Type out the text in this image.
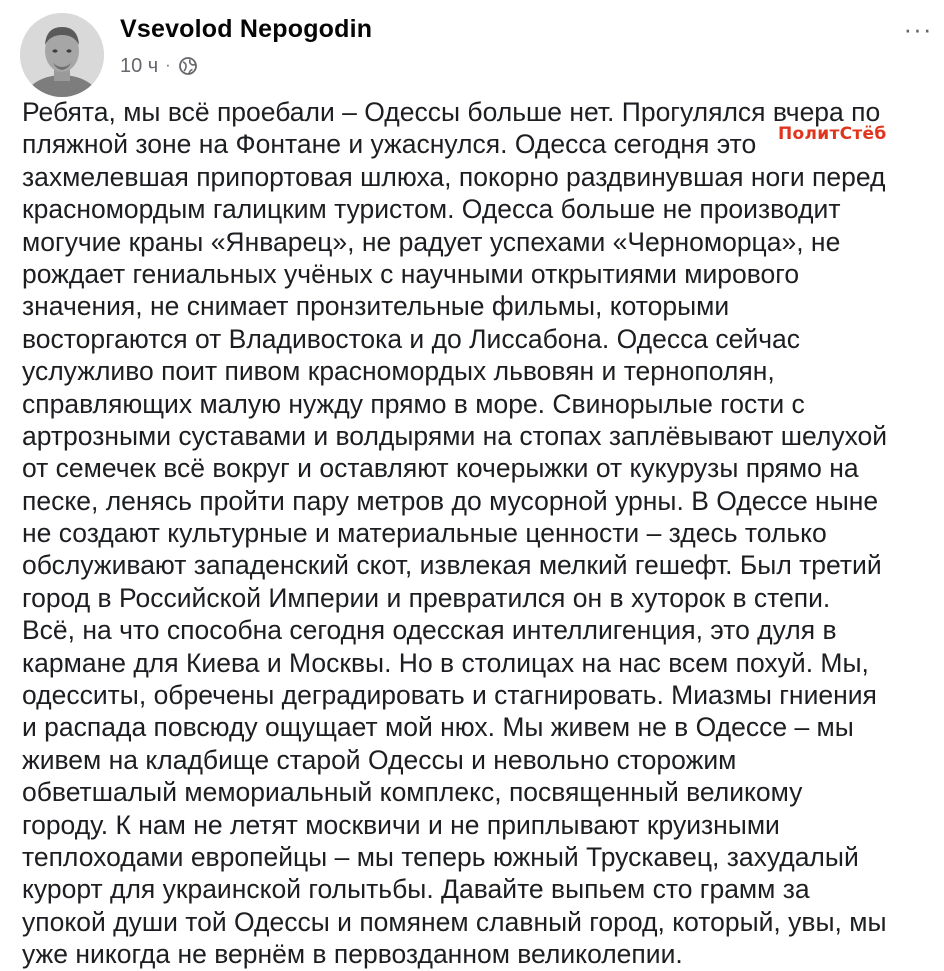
Vsevolod Nepogodin
10 ч ·
···
Ребята, мы всё проебали – Одессы больше нет. Прогулялся вчера по
пляжной зоне на Фонтане и ужаснулся. Одесса сегодня это
захмелевшая припортовая шлюха, покорно раздвинувшая ноги перед
красномордым галицким туристом. Одесса больше не производит
могучие краны «Январец», не радует успехами «Черноморца», не
рождает гениальных учёных с научными открытиями мирового
значения, не снимает пронзительные фильмы, которыми
восторгаются от Владивостока и до Лиссабона. Одесса сейчас
услужливо поит пивом красномордых львовян и тернополян,
справляющих малую нужду прямо в море. Свинорылые гости с
артрозными суставами и волдырями на стопах заплёвывают шелухой
от семечек всё вокруг и оставляют кочерыжки от кукурузы прямо на
песке, ленясь пройти пару метров до мусорной урны. В Одессе ныне
не создают культурные и материальные ценности – здесь только
обслуживают западенский скот, извлекая мелкий гешефт. Был третий
город в Российской Империи и превратился он в хуторок в степи.
Всё, на что способна сегодня одесская интеллигенция, это дуля в
кармане для Киева и Москвы. Но в столицах на нас всем похуй. Мы,
одесситы, обречены деградировать и стагнировать. Миазмы гниения
и распада повсюду ощущает мой нюх. Мы живем не в Одессе – мы
живем на кладбище старой Одессы и невольно сторожим
обветшалый мемориальный комплекс, посвященный великому
городу. К нам не летят москвичи и не приплывают круизными
теплоходами европейцы – мы теперь южный Трускавец, захудалый
курорт для украинской голытьбы. Давайте выпьем сто грамм за
упокой души той Одессы и помянем славный город, который, увы, мы
уже никогда не вернём в первозданном великолепии.
ПолитСтёб
